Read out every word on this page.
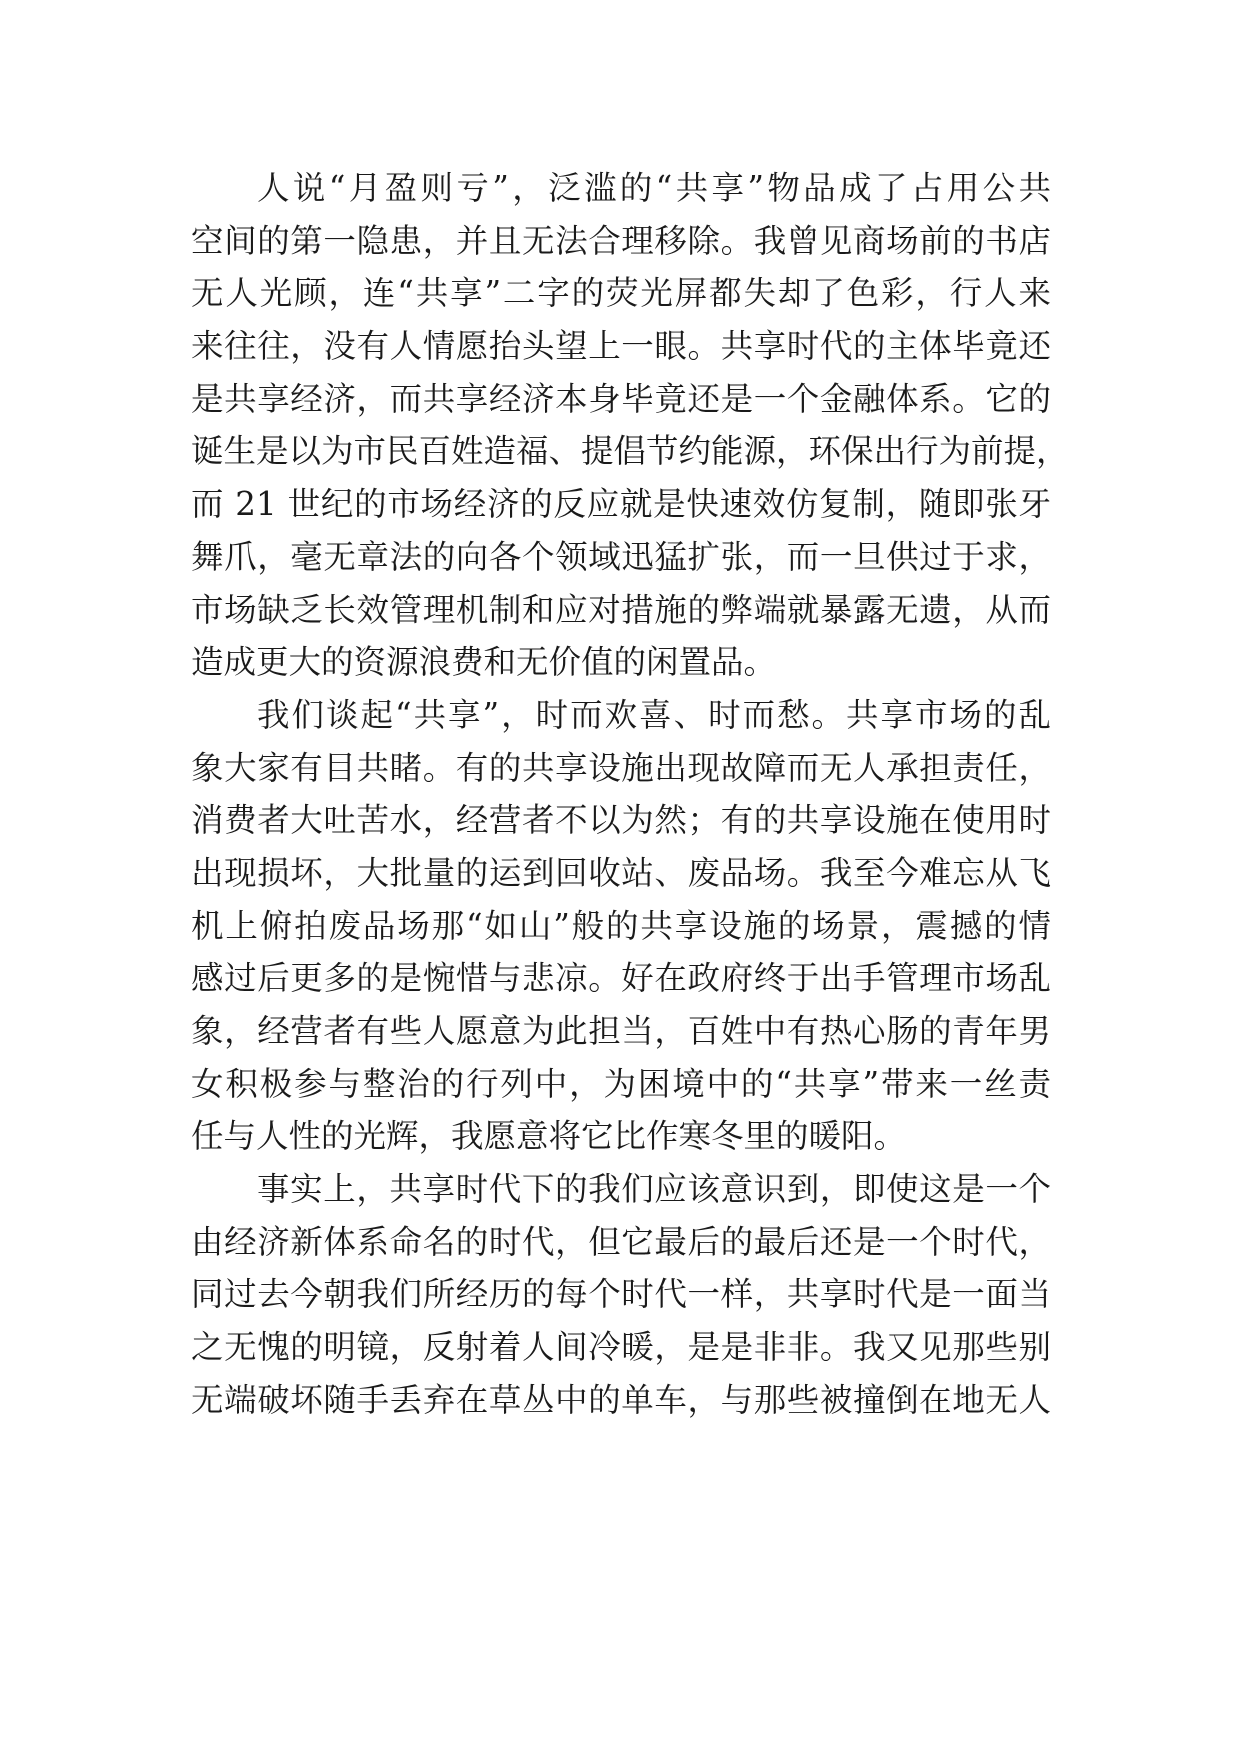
人说“月盈则亏”，泛滥的“共享”物品成了占用公共
空间的第一隐患，并且无法合理移除。我曾见商场前的书店
无人光顾，连“共享”二字的荧光屏都失却了色彩，行人来
来往往，没有人情愿抬头望上一眼。共享时代的主体毕竟还
是共享经济，而共享经济本身毕竟还是一个金融体系。它的
诞生是以为市民百姓造福、提倡节约能源，环保出行为前提，
而 21 世纪的市场经济的反应就是快速效仿复制，随即张牙
舞爪，毫无章法的向各个领域迅猛扩张，而一旦供过于求，
市场缺乏长效管理机制和应对措施的弊端就暴露无遗，从而
造成更大的资源浪费和无价值的闲置品。
我们谈起“共享”，时而欢喜、时而愁。共享市场的乱
象大家有目共睹。有的共享设施出现故障而无人承担责任，
消费者大吐苦水，经营者不以为然；有的共享设施在使用时
出现损坏，大批量的运到回收站、废品场。我至今难忘从飞
机上俯拍废品场那“如山”般的共享设施的场景，震撼的情
感过后更多的是惋惜与悲凉。好在政府终于出手管理市场乱
象，经营者有些人愿意为此担当，百姓中有热心肠的青年男
女积极参与整治的行列中，为困境中的“共享”带来一丝责
任与人性的光辉，我愿意将它比作寒冬里的暖阳。
事实上，共享时代下的我们应该意识到，即使这是一个
由经济新体系命名的时代，但它最后的最后还是一个时代，
同过去今朝我们所经历的每个时代一样，共享时代是一面当
之无愧的明镜，反射着人间冷暖，是是非非。我又见那些别
无端破坏随手丢弃在草丛中的单车，与那些被撞倒在地无人
